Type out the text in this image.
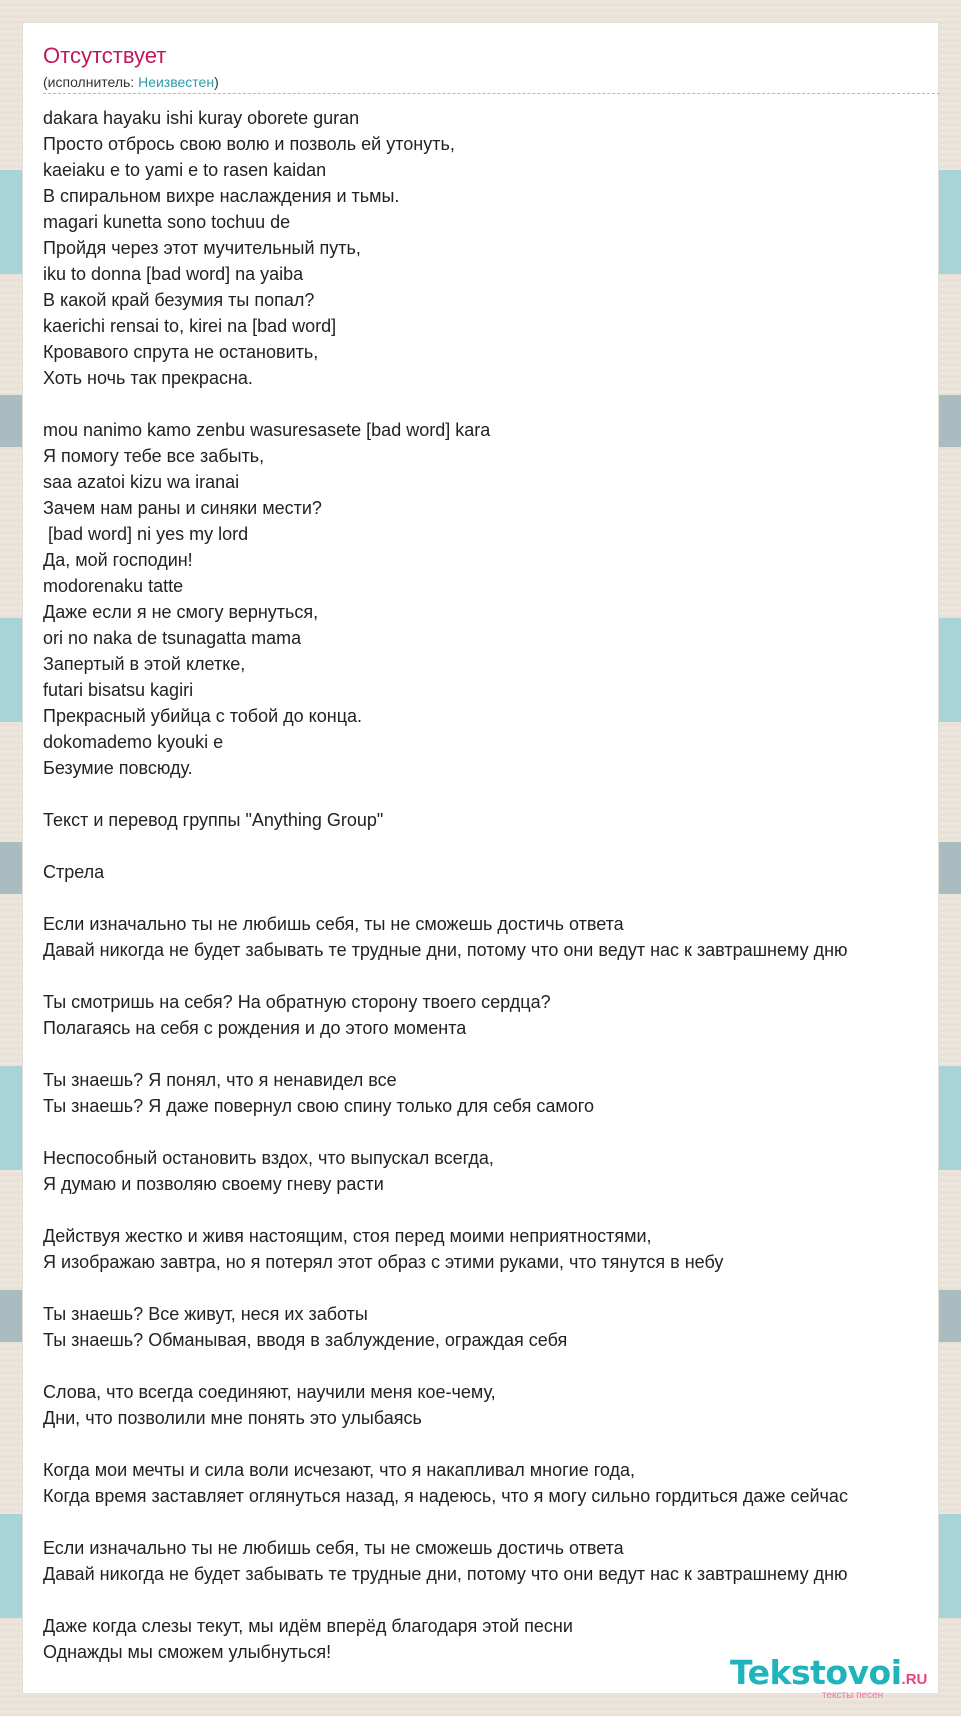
Отсутствует
(исполнитель: Неизвестен)
dakara hayaku ishi kuray oborete guran
Просто отбрось свою волю и позволь ей утонуть,
kaeiaku e to yami e to rasen kaidan
В спиральном вихре наслаждения и тьмы.
magari kunetta sono tochuu de
Пройдя через этот мучительный путь,
iku to donna [bad word] na yaiba
В какой край безумия ты попал?
kaerichi rensai to, kirei na [bad word]
Кровавого спрута не остановить,
Хоть ночь так прекрасна.
mou nanimo kamo zenbu wasuresasete [bad word] kara
Я помогу тебе все забыть,
saa azatoi kizu wa iranai
Зачем нам раны и синяки мести?
[bad word] ni yes my lord
Да, мой господин!
modorenaku tatte
Даже если я не смогу вернуться,
ori no naka de tsunagatta mama
Запертый в этой клетке,
futari bisatsu kagiri
Прекрасный убийца с тобой до конца.
dokomademo kyouki e
Безумие повсюду.
Текст и перевод группы "Anything Group"
Стрела
Если изначально ты не любишь себя, ты не сможешь достичь ответа
Давай никогда не будет забывать те трудные дни, потому что они ведут нас к завтрашнему дню
Ты смотришь на себя? На обратную сторону твоего сердца?
Полагаясь на себя с рождения и до этого момента
Ты знаешь? Я понял, что я ненавидел все
Ты знаешь? Я даже повернул свою спину только для себя самого
Неспособный остановить вздох, что выпускал всегда,
Я думаю и позволяю своему гневу расти
Действуя жестко и живя настоящим, стоя перед моими неприятностями,
Я изображаю завтра, но я потерял этот образ с этими руками, что тянутся в небу
Ты знаешь? Все живут, неся их заботы
Ты знаешь? Обманывая, вводя в заблуждение, ограждая себя
Слова, что всегда соединяют, научили меня кое-чему,
Дни, что позволили мне понять это улыбаясь
Когда мои мечты и сила воли исчезают, что я накапливал многие года,
Когда время заставляет оглянуться назад, я надеюсь, что я могу сильно гордиться даже сейчас
Если изначально ты не любишь себя, ты не сможешь достичь ответа
Давай никогда не будет забывать те трудные дни, потому что они ведут нас к завтрашнему дню
Даже когда слезы текут, мы идём вперёд благодаря этой песни
Однажды мы сможем улыбнуться!
Tekstovoi.RU
тексты песен
